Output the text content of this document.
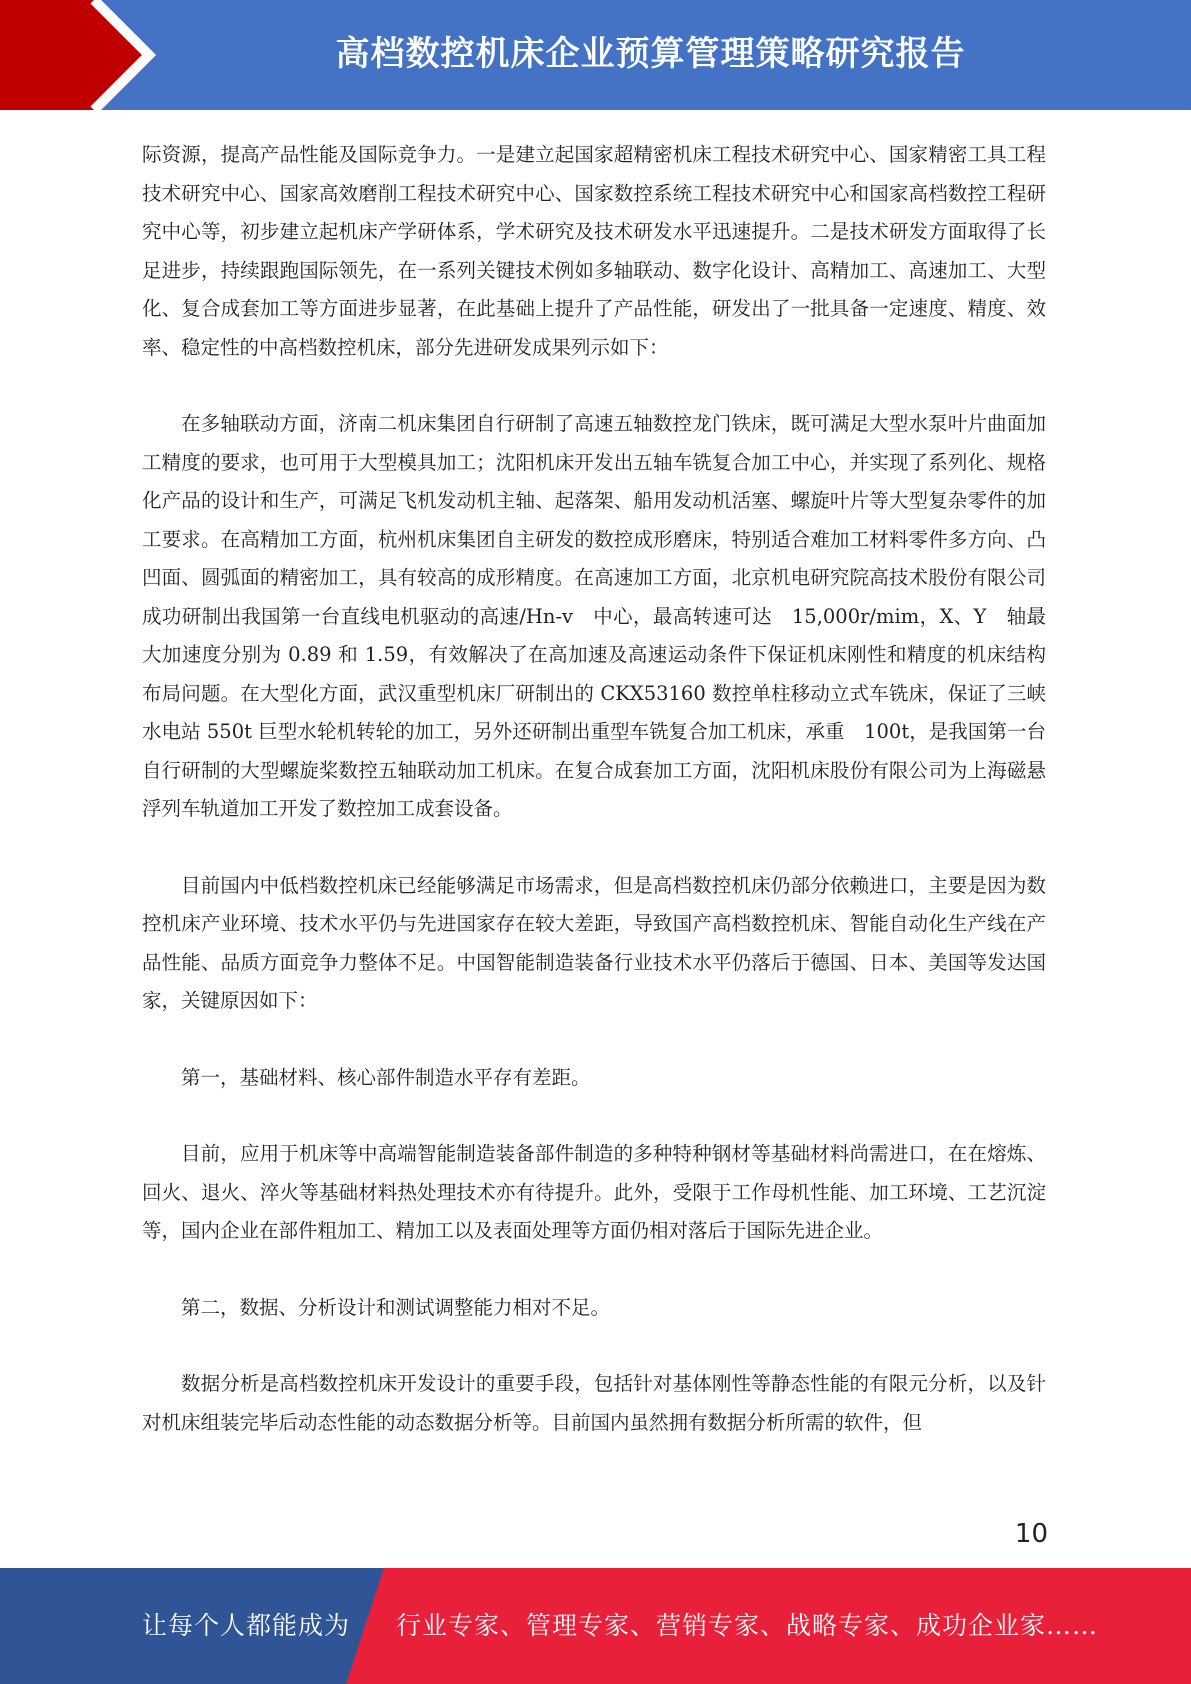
高档数控机床企业预算管理策略研究报告

际资源，提高产品性能及国际竞争力。一是建立起国家超精密机床工程技术研究中心、国家精密工具工程技术研究中心、国家高效磨削工程技术研究中心、国家数控系统工程技术研究中心和国家高档数控工程研究中心等，初步建立起机床产学研体系，学术研究及技术研发水平迅速提升。二是技术研发方面取得了长足进步，持续跟跑国际领先，在一系列关键技术例如多轴联动、数字化设计、高精加工、高速加工、大型化、复合成套加工等方面进步显著，在此基础上提升了产品性能，研发出了一批具备一定速度、精度、效率、稳定性的中高档数控机床，部分先进研发成果列示如下：

在多轴联动方面，济南二机床集团自行研制了高速五轴数控龙门铁床，既可满足大型水泵叶片曲面加工精度的要求，也可用于大型模具加工；沈阳机床开发出五轴车铣复合加工中心，并实现了系列化、规格化产品的设计和生产，可满足飞机发动机主轴、起落架、船用发动机活塞、螺旋叶片等大型复杂零件的加工要求。在高精加工方面，杭州机床集团自主研发的数控成形磨床，特别适合难加工材料零件多方向、凸凹面、圆弧面的精密加工，具有较高的成形精度。在高速加工方面，北京机电研究院高技术股份有限公司成功研制出我国第一台直线电机驱动的高速/Hn-v　中心，最高转速可达　15,000r/mim，X、Y　轴最大加速度分别为 0.89 和 1.59，有效解决了在高加速及高速运动条件下保证机床刚性和精度的机床结构布局问题。在大型化方面，武汉重型机床厂研制出的 CKX53160 数控单柱移动立式车铣床，保证了三峡水电站 550t 巨型水轮机转轮的加工，另外还研制出重型车铣复合加工机床，承重　100t，是我国第一台自行研制的大型螺旋桨数控五轴联动加工机床。在复合成套加工方面，沈阳机床股份有限公司为上海磁悬浮列车轨道加工开发了数控加工成套设备。

目前国内中低档数控机床已经能够满足市场需求，但是高档数控机床仍部分依赖进口，主要是因为数控机床产业环境、技术水平仍与先进国家存在较大差距，导致国产高档数控机床、智能自动化生产线在产品性能、品质方面竞争力整体不足。中国智能制造装备行业技术水平仍落后于德国、日本、美国等发达国家，关键原因如下：

第一，基础材料、核心部件制造水平存有差距。

目前，应用于机床等中高端智能制造装备部件制造的多种特种钢材等基础材料尚需进口，在在熔炼、回火、退火、淬火等基础材料热处理技术亦有待提升。此外，受限于工作母机性能、加工环境、工艺沉淀等，国内企业在部件粗加工、精加工以及表面处理等方面仍相对落后于国际先进企业。

第二，数据、分析设计和测试调整能力相对不足。

数据分析是高档数控机床开发设计的重要手段，包括针对基体刚性等静态性能的有限元分析，以及针对机床组装完毕后动态性能的动态数据分析等。目前国内虽然拥有数据分析所需的软件，但

10
让每个人都能成为 行业专家、管理专家、营销专家、战略专家、成功企业家……
